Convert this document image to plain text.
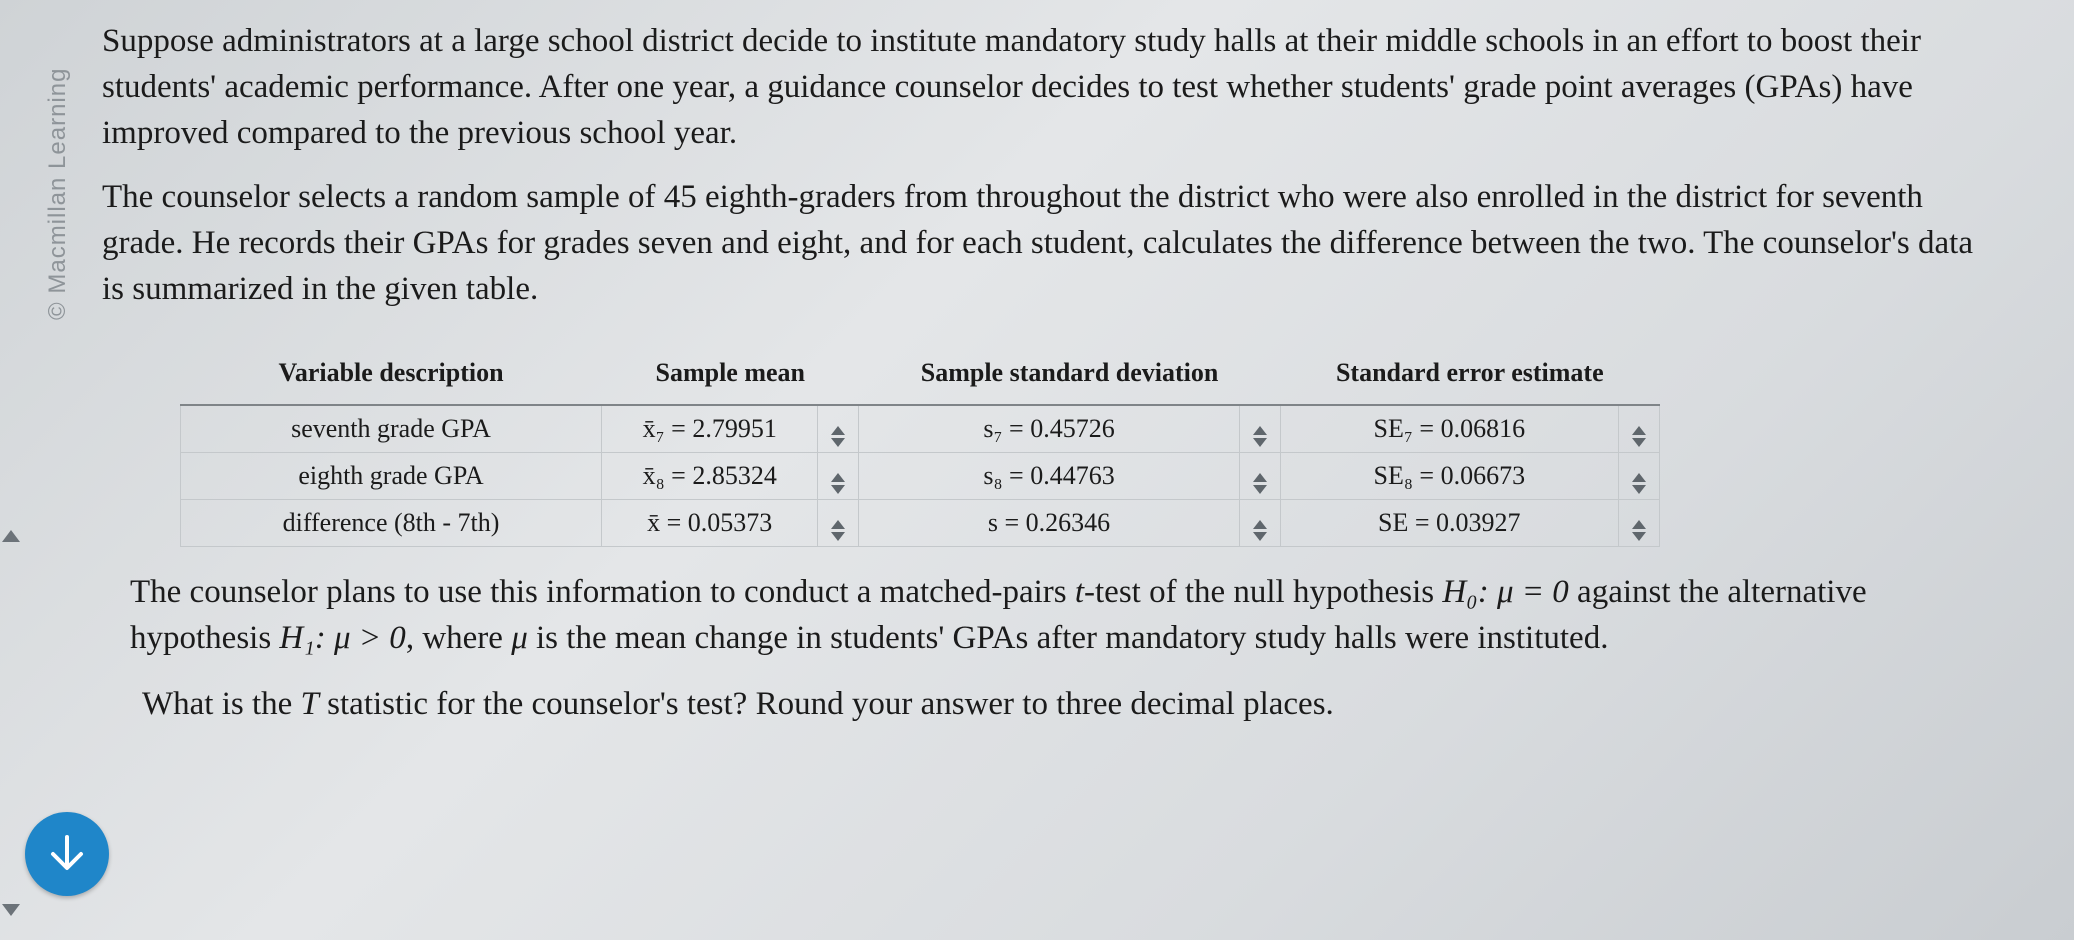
© Macmillan Learning

Suppose administrators at a large school district decide to institute mandatory study halls at their middle schools in an effort to boost their students' academic performance. After one year, a guidance counselor decides to test whether students' grade point averages (GPAs) have improved compared to the previous school year.

The counselor selects a random sample of 45 eighth-graders from throughout the district who were also enrolled in the district for seventh grade. He records their GPAs for grades seven and eight, and for each student, calculates the difference between the two. The counselor's data is summarized in the given table.

Variable description	Sample mean		Sample standard deviation		Standard error estimate	
seventh grade GPA	x̄₇ = 2.79951		s₇ = 0.45726		SE₇ = 0.06816	

eighth grade GPA	x̄₈ = 2.85324		s₈ = 0.44763		SE₈ = 0.06673	

difference (8th - 7th)	x̄ = 0.05373		s = 0.26346		SE = 0.03927	

The counselor plans to use this information to conduct a matched-pairs t-test of the null hypothesis H₀: μ = 0 against the alternative hypothesis H₁: μ > 0, where μ is the mean change in students' GPAs after mandatory study halls were instituted.

What is the T statistic for the counselor's test? Round your answer to three decimal places.
